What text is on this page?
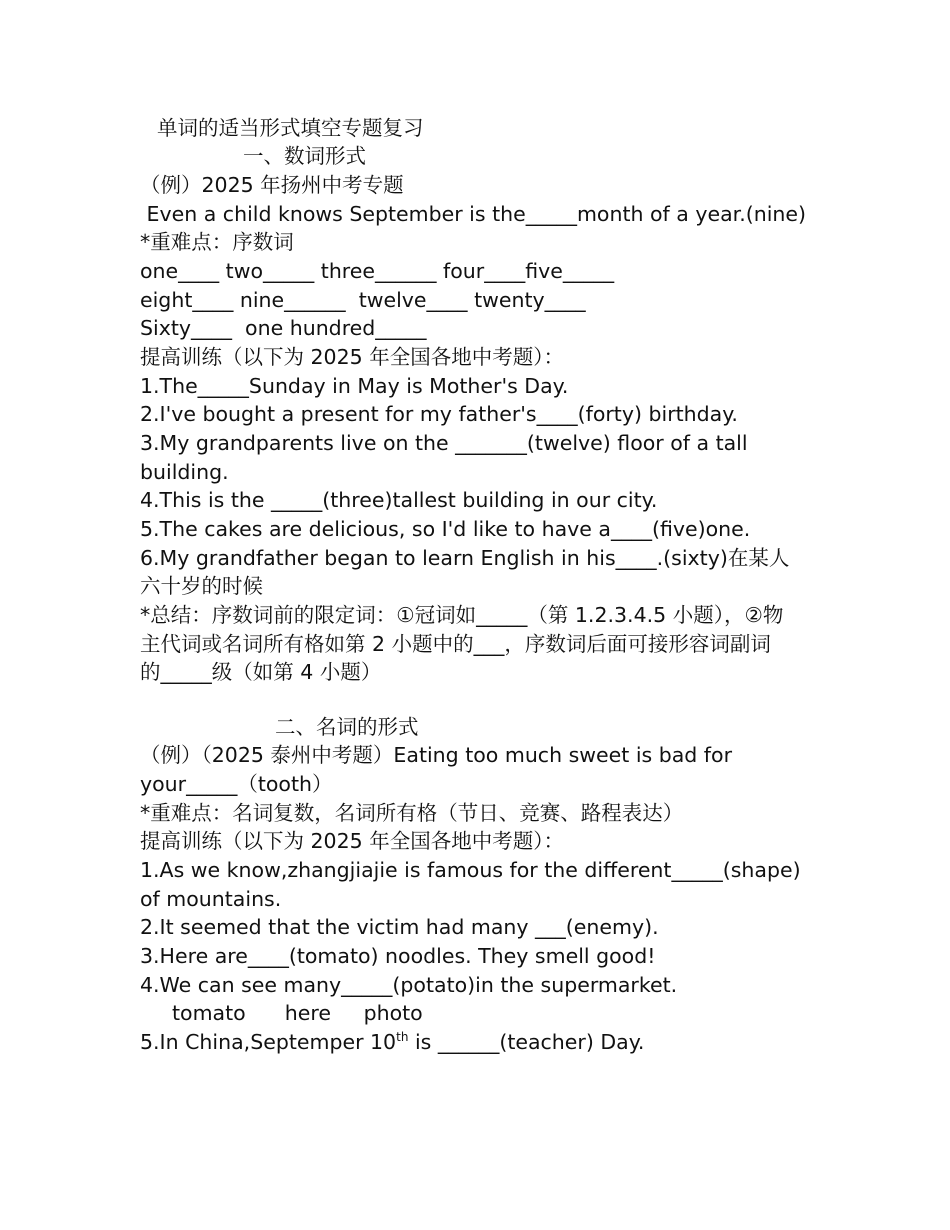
单词的适当形式填空专题复习
一、数词形式
（例）2025 年扬州中考专题
Even a child knows September is the_____month of a year.(nine)
*重难点：序数词
one____ two_____ three______ four____five_____
eight____ nine______  twelve____ twenty____
Sixty____  one hundred_____
提高训练（以下为 2025 年全国各地中考题）：
1.The_____Sunday in May is Mother's Day.
2.I've bought a present for my father's____(forty) birthday.
3.My grandparents live on the _______(twelve) floor of a tall
building.
4.This is the _____(three)tallest building in our city.
5.The cakes are delicious, so I'd like to have a____(five)one.
6.My grandfather began to learn English in his____.(sixty)在某人
六十岁的时候
*总结：序数词前的限定词：①冠词如_____（第 1.2.3.4.5 小题），②物
主代词或名词所有格如第 2 小题中的___，序数词后面可接形容词副词
的_____级（如第 4 小题）
二、名词的形式
（例）（2025 泰州中考题）Eating too much sweet is bad for
your_____（tooth）
*重难点：名词复数，名词所有格（节日、竞赛、路程表达）
提高训练（以下为 2025 年全国各地中考题）：
1.As we know,zhangjiajie is famous for the different_____(shape)
of mountains.
2.It seemed that the victim had many ___(enemy).
3.Here are____(tomato) noodles. They smell good!
4.We can see many_____(potato)in the supermarket.
tomato      here     photo
5.In China,Septemper 10th is ______(teacher) Day.
